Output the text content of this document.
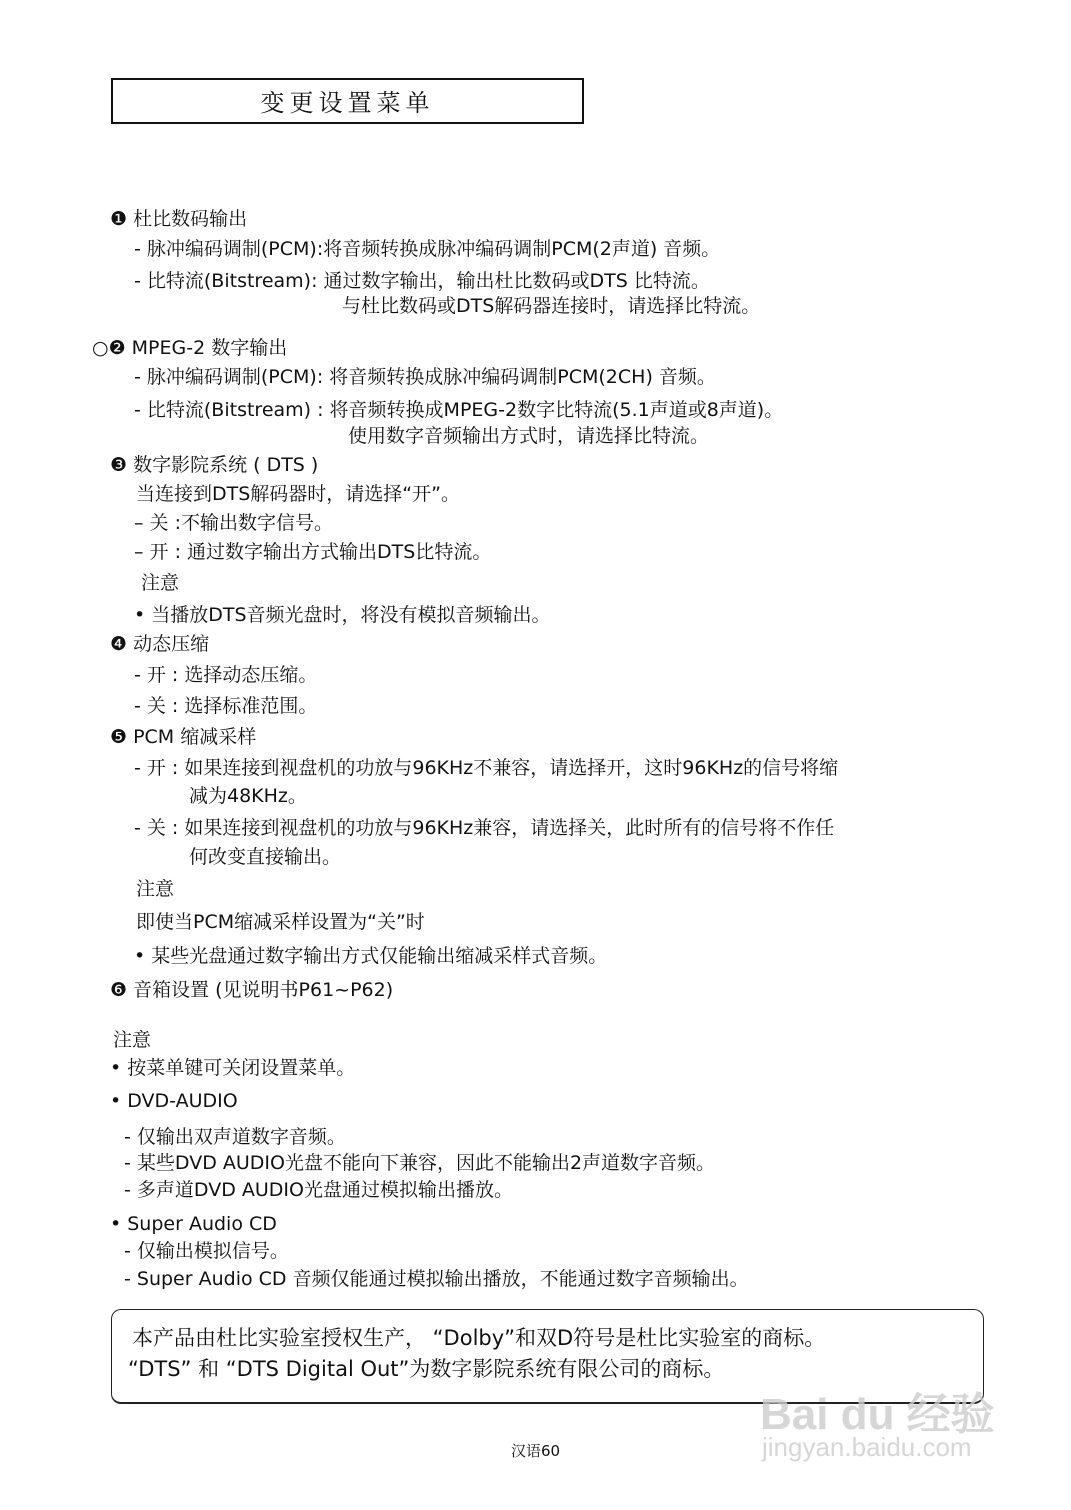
变更设置菜单
❶ 杜比数码输出
- 脉冲编码调制(PCM):将音频转换成脉冲编码调制PCM(2声道) 音频。
- 比特流(Bitstream): 通过数字输出，输出杜比数码或DTS 比特流。
与杜比数码或DTS解码器连接时，请选择比特流。
○❷ MPEG-2 数字输出
- 脉冲编码调制(PCM): 将音频转换成脉冲编码调制PCM(2CH) 音频。
- 比特流(Bitstream) : 将音频转换成MPEG-2数字比特流(5.1声道或8声道)。
使用数字音频输出方式时，请选择比特流。
❸ 数字影院系统 ( DTS )
当连接到DTS解码器时，请选择“开”。
– 关 :不输出数字信号。
– 开 : 通过数字输出方式输出DTS比特流。
注意
• 当播放DTS音频光盘时，将没有模拟音频输出。
❹ 动态压缩
- 开 : 选择动态压缩。
- 关 : 选择标准范围。
❺ PCM 缩减采样
- 开 : 如果连接到视盘机的功放与96KHz不兼容，请选择开，这时96KHz的信号将缩
减为48KHz。
- 关 : 如果连接到视盘机的功放与96KHz兼容，请选择关，此时所有的信号将不作任
何改变直接输出。
注意
即使当PCM缩减采样设置为“关”时
• 某些光盘通过数字输出方式仅能输出缩减采样式音频。
❻ 音箱设置 (见说明书P61~P62)
注意
• 按菜单键可关闭设置菜单。
• DVD-AUDIO
- 仅输出双声道数字音频。
- 某些DVD AUDIO光盘不能向下兼容，因此不能输出2声道数字音频。
- 多声道DVD AUDIO光盘通过模拟输出播放。
• Super Audio CD
- 仅输出模拟信号。
- Super Audio CD 音频仅能通过模拟输出播放，不能通过数字音频输出。
本产品由杜比实验室授权生产， “Dolby”和双D符号是杜比实验室的商标。
“DTS” 和 “DTS Digital Out”为数字影院系统有限公司的商标。
汉语60
Bai du 经验
jingyan.baidu.com
